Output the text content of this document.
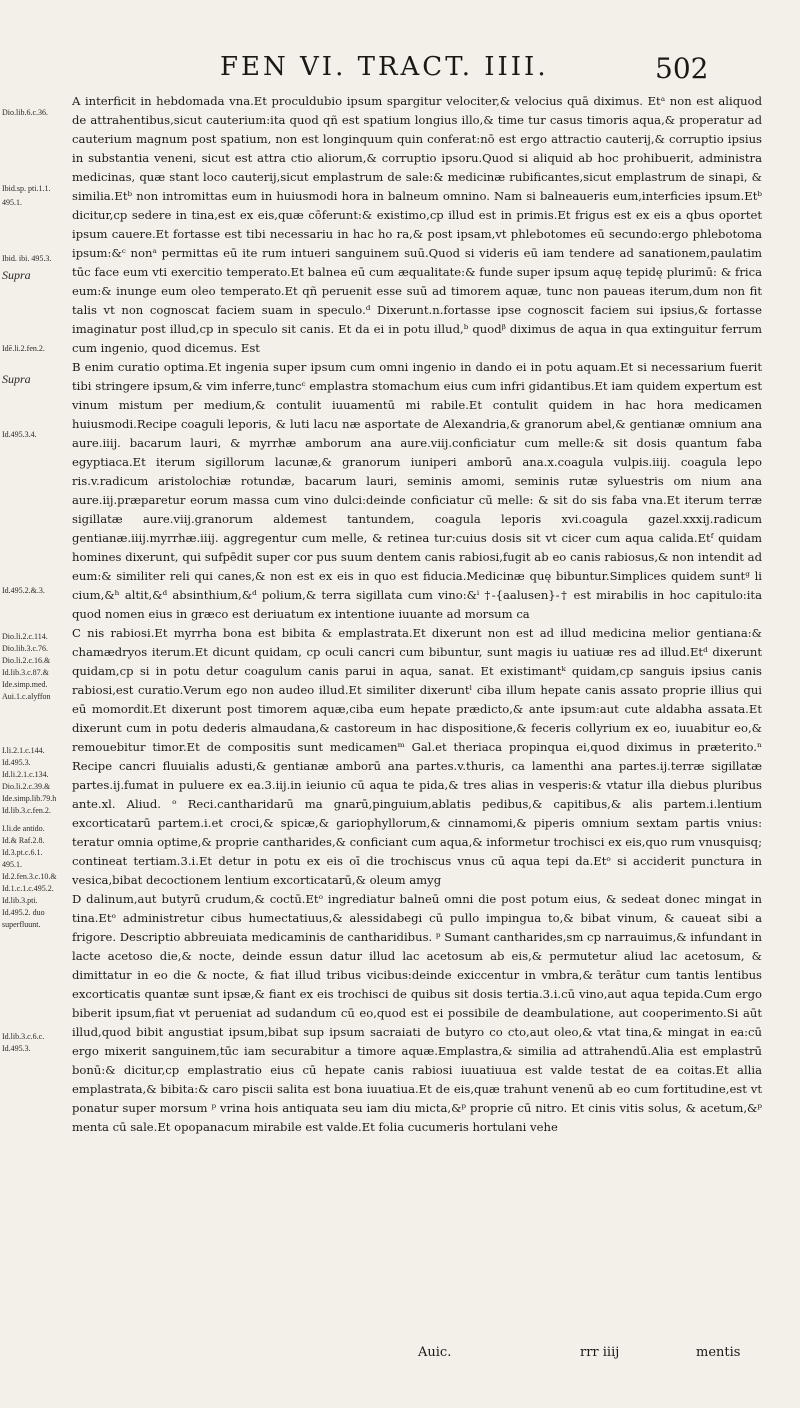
FEN VI. TRACT. IIII.	502
Dio.lib.6.c.36.
Ibid.sp. pti.1.1.
495.1.
Ibid. ibi. 495.3.
Supra
Idē.li.2.fen.2.
Supra
Id.495.3.4.
Id.495.2.&.3.
Dio.li.2.c.114.
Dio.lib.3.c.76.
Dio.li.2.c.16.&
Id.lib.3.c.87.&
Ide.simp.med.
Aui.1.c.alyffon
I.li.2.1.c.144.
Id.495.3.
Id.li.2.1.c.134.
Dio.li.2.c.39.&
Ide.simp.lib.79.h
Id.lib.3.c.fen.2.
I.li.de antido.
Id.& Raf.2.8.
Id.3.pt.c.6.1.
495.1.
Id.2.fen.3.c.10.&
Id.1.c.1.c.495.2.
Id.lib.3.pti.
Id.495.2. duo
superfluunt.
Id.lib.3.c.6.c.
Id.495.3.

A interficit in hebdomada vna.Et proculdubio ipsum spargitur velociter,& velocius quā diximus. Etᵃ non est aliquod de attrahentibus,sicut cauterium:ita quod qñ est spatium longius illo,& time tur casus timoris aqua,& properatur ad cauterium magnum post spatium, non est longinquum quin conferat:nō est ergo attractio cauterij,& corruptio ipsius in substantia veneni, sicut est attra ctio aliorum,& corruptio ipsoru.Quod si aliquid ab hoc prohibuerit, administra medicinas, quæ stant loco cauterij,sicut emplastrum de sale:& medicinæ rubificantes,sicut emplastrum de sinapi, & similia.Etᵇ non intromittas eum in huiusmodi hora in balneum omnino. Nam si balneaueris eum,interficies ipsum.Etᵇ dicitur,cp sedere in tina,est ex eis,quæ cōferunt:& existimo,cp illud est in primis.Et frigus est ex eis a qbus oportet ipsum cauere.Et fortasse est tibi necessariu in hac ho ra,& post ipsam,vt phlebotomes eū secundo:ergo phlebotoma ipsum:&ᶜ nonᵃ permittas eū ite rum intueri sanguinem suū.Quod si videris eū iam tendere ad sanationem,paulatim tūc face eum vti exercitio temperato.Et balnea eū cum æqualitate:& funde super ipsum aquę tepidę plurimū: & frica eum:& inunge eum oleo temperato.Et qñ peruenit esse suū ad timorem aquæ, tunc non paueas iterum,dum non fit talis vt non cognoscat faciem suam in speculo.ᵈ Dixerunt.n.fortasse ipse cognoscit faciem sui ipsius,& fortasse imaginatur post illud,cp in speculo sit canis. Et da ei in potu illud,ᵇ quodᵝ diximus de aqua in qua extinguitur ferrum cum ingenio, quod dicemus. Est

B enim curatio optima.Et ingenia super ipsum cum omni ingenio in dando ei in potu aquam.Et si necessarium fuerit tibi stringere ipsum,& vim inferre,tuncᶜ emplastra stomachum eius cum infri gidantibus.Et iam quidem expertum est vinum mistum per medium,& contulit iuuamentū mi rabile.Et contulit quidem in hac hora medicamen huiusmodi.Recipe coaguli leporis, & luti lacu næ asportate de Alexandria,& granorum abel,& gentianæ omnium ana aure.iiij. bacarum lauri, & myrrhæ amborum ana aure.viij.conficiatur cum melle:& sit dosis quantum faba egyptiaca.Et iterum sigillorum lacunæ,& granorum iuniperi amborū ana.x.coagula vulpis.iiij. coagula lepo ris.v.radicum aristolochiæ rotundæ, bacarum lauri, seminis amomi, seminis rutæ syluestris om nium ana aure.iij.præparetur eorum massa cum vino dulci:deinde conficiatur cū melle: & sit do sis faba vna.Et iterum terræ sigillatæ aure.viij.granorum aldemest tantundem, coagula leporis xvi.coagula gazel.xxxij.radicum gentianæ.iiij.myrrhæ.iiij. aggregentur cum melle, & retinea tur:cuius dosis sit vt cicer cum aqua calida.Etᶠ quidam homines dixerunt, qui sufpēdit super cor pus suum dentem canis rabiosi,fugit ab eo canis rabiosus,& non intendit ad eum:& similiter reli qui canes,& non est ex eis in quo est fiducia.Medicinæ quę bibuntur.Simplices quidem suntᵍ li cium,&ʰ altit,&ᵈ absinthium,&ᵈ polium,& terra sigillata cum vino:&ⁱ †-{aalusen}-† est mirabilis in hoc capitulo:ita quod nomen eius in græco est deriuatum ex intentione iuuante ad morsum ca

C nis rabiosi.Et myrrha bona est bibita & emplastrata.Et dixerunt non est ad illud medicina melior gentiana:& chamædryos iterum.Et dicunt quidam, cp oculi cancri cum bibuntur, sunt magis iu uatiuæ res ad illud.Etᵈ dixerunt quidam,cp si in potu detur coagulum canis parui in aqua, sanat. Et existimantᵏ quidam,cp sanguis ipsius canis rabiosi,est curatio.Verum ego non audeo illud.Et similiter dixeruntˡ ciba illum hepate canis assato proprie illius qui eū momordit.Et dixerunt post timorem aquæ,ciba eum hepate prædicto,& ante ipsum:aut cute aldabha assata.Et dixerunt cum in potu dederis almaudana,& castoreum in hac dispositione,& feceris collyrium ex eo, iuuabitur eo,& remouebitur timor.Et de compositis sunt medicamenᵐ Gal.et theriaca propinqua ei,quod diximus in præterito.ⁿ Recipe cancri fluuialis adusti,& gentianæ amborū ana partes.v.thuris, ca lamenthi ana partes.ij.terræ sigillatæ partes.ij.fumat in puluere ex ea.3.iij.in ieiunio cū aqua te pida,& tres alias in vesperis:& vtatur illa diebus pluribus ante.xl. Aliud. ᵒ Reci.cantharidarū ma gnarū,pinguium,ablatis pedibus,& capitibus,& alis partem.i.lentium excorticatarū partem.i.et croci,& spicæ,& gariophyllorum,& cinnamomi,& piperis omnium sextam partis vnius: teratur omnia optime,& proprie cantharides,& conficiant cum aqua,& informetur trochisci ex eis,quo rum vnusquisq; contineat tertiam.3.i.Et detur in potu ex eis oī die trochiscus vnus cū aqua tepi da.Etᵒ si acciderit punctura in vesica,bibat decoctionem lentium excorticatarū,& oleum amyg

D dalinum,aut butyrū crudum,& coctū.Etᵒ ingrediatur balneū omni die post potum eius, & sedeat donec mingat in tina.Etᵒ administretur cibus humectatiuus,& alessidabegi cū pullo impingua to,& bibat vinum, & caueat sibi a frigore. Descriptio abbreuiata medicaminis de cantharidibus. ᵖ Sumant cantharides,sm cp narrauimus,& infundant in lacte acetoso die,& nocte, deinde essun datur illud lac acetosum ab eis,& permutetur aliud lac acetosum, & dimittatur in eo die & nocte, & fiat illud tribus vicibus:deinde exiccentur in vmbra,& terātur cum tantis lentibus excorticatis quantæ sunt ipsæ,& fiant ex eis trochisci de quibus sit dosis tertia.3.i.cū vino,aut aqua tepida.Cum ergo biberit ipsum,fiat vt perueniat ad sudandum cū eo,quod est ei possibile de deambulatione, aut cooperimento.Si aūt illud,quod bibit angustiat ipsum,bibat sup ipsum sacraiati de butyro co cto,aut oleo,& vtat tina,& mingat in ea:cū ergo mixerit sanguinem,tūc iam securabitur a timore aquæ.Emplastra,& similia ad attrahendū.Alia est emplastrū bonū:& dicitur,cp emplastratio eius cū hepate canis rabiosi iuuatiuua est valde testat de ea coitas.Et allia emplastrata,& bibita:& caro piscii salita est bona iuuatiua.Et de eis,quæ trahunt venenū ab eo cum fortitudine,est vt ponatur super morsum ᵖ vrina hois antiquata seu iam diu micta,&ᵖ proprie cū nitro. Et cinis vitis solus, & acetum,&ᵖ menta cū sale.Et opopanacum mirabile est valde.Et folia cucumeris hortulani vehe

Auic.	rrr iiij	mentis
